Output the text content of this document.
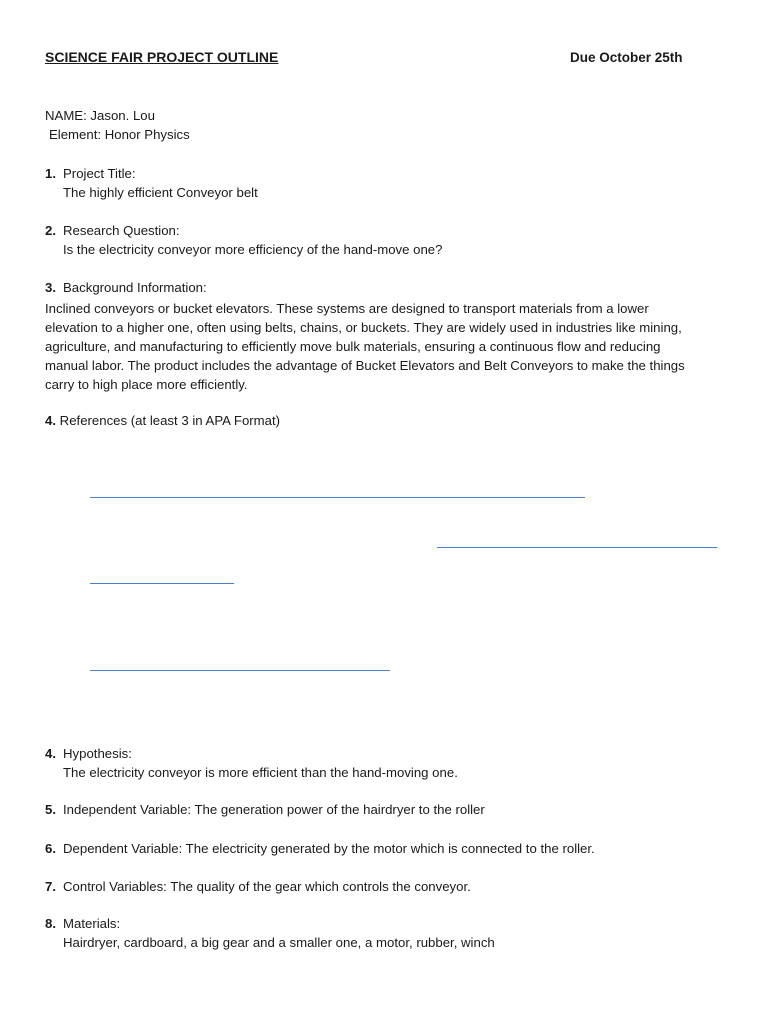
SCIENCE FAIR PROJECT OUTLINE	Due October 25th
NAME: Jason. Lou
Element: Honor Physics
1. Project Title:
The highly efficient Conveyor belt
2. Research Question:
Is the electricity conveyor more efficiency of the hand-move one?
3. Background Information:
Inclined conveyors or bucket elevators. These systems are designed to transport materials from a lower
elevation to a higher one, often using belts, chains, or buckets. They are widely used in industries like mining,
agriculture, and manufacturing to efficiently move bulk materials, ensuring a continuous flow and reducing
manual labor. The product includes the advantage of Bucket Elevators and Belt Conveyors to make the things
carry to high place more efficiently.
4. References (at least 3 in APA Format)
4. Hypothesis:
The electricity conveyor is more efficient than the hand-moving one.
5. Independent Variable: The generation power of the hairdryer to the roller
6. Dependent Variable: The electricity generated by the motor which is connected to the roller.
7. Control Variables: The quality of the gear which controls the conveyor.
8. Materials:
Hairdryer, cardboard, a big gear and a smaller one, a motor, rubber, winch
